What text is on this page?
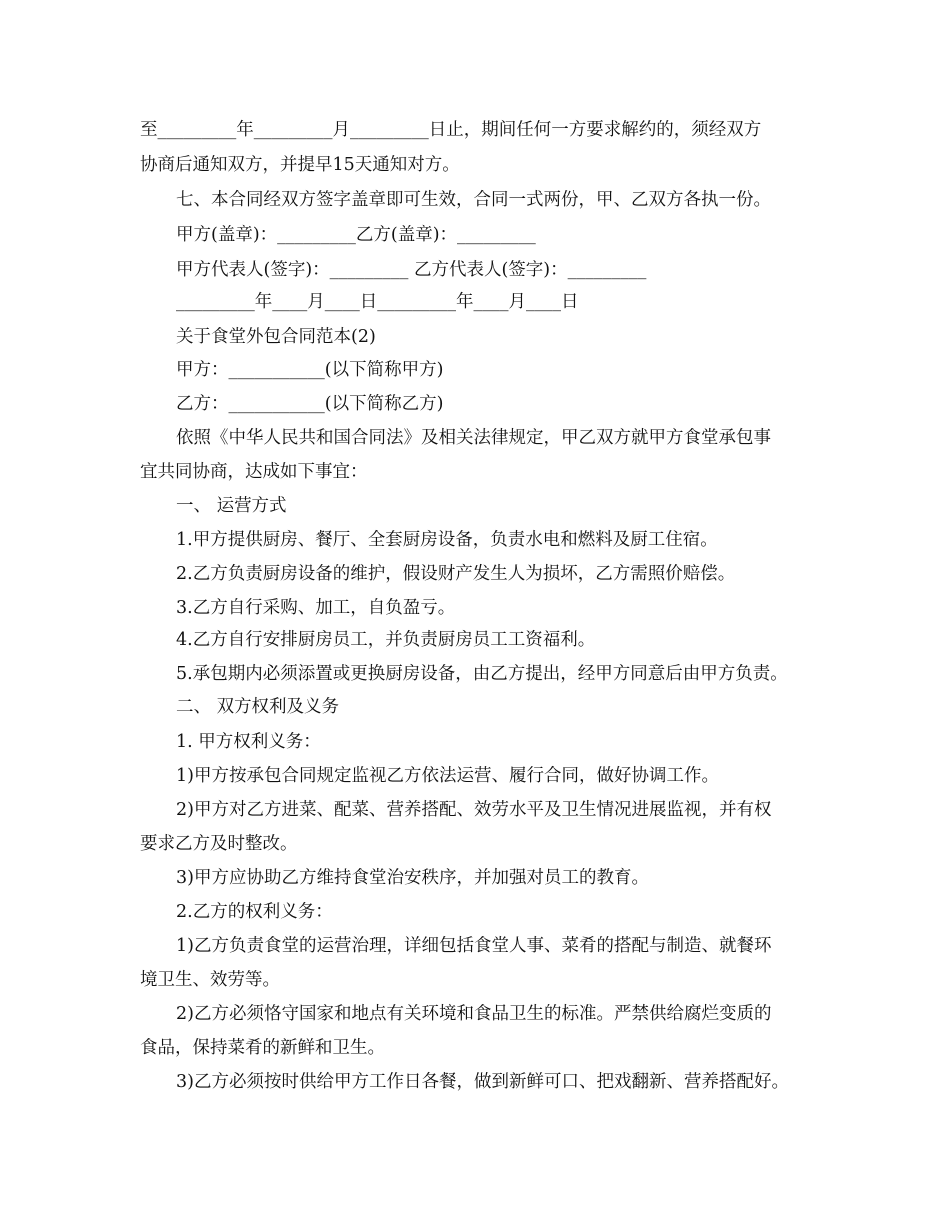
至_________年_________月_________日止，期间任何一方要求解约的，须经双方

协商后通知双方，并提早15天通知对方。

七、本合同经双方签字盖章即可生效，合同一式两份，甲、乙双方各执一份。

甲方(盖章)：_________乙方(盖章)：_________

甲方代表人(签字)：_________ 乙方代表人(签字)：_________

_________年____月____日_________年____月____日

关于食堂外包合同范本(2)

甲方：___________(以下简称甲方)

乙方：___________(以下简称乙方)

依照《中华人民共和国合同法》及相关法律规定，甲乙双方就甲方食堂承包事

宜共同协商，达成如下事宜：

一、 运营方式

1.甲方提供厨房、餐厅、全套厨房设备，负责水电和燃料及厨工住宿。

2.乙方负责厨房设备的维护，假设财产发生人为损坏，乙方需照价赔偿。

3.乙方自行采购、加工，自负盈亏。

4.乙方自行安排厨房员工，并负责厨房员工工资福利。

5.承包期内必须添置或更换厨房设备，由乙方提出，经甲方同意后由甲方负责。

二、 双方权利及义务

1. 甲方权利义务：

1)甲方按承包合同规定监视乙方依法运营、履行合同，做好协调工作。

2)甲方对乙方进菜、配菜、营养搭配、效劳水平及卫生情况进展监视，并有权

要求乙方及时整改。

3)甲方应协助乙方维持食堂治安秩序，并加强对员工的教育。

2.乙方的权利义务：

1)乙方负责食堂的运营治理，详细包括食堂人事、菜肴的搭配与制造、就餐环

境卫生、效劳等。

2)乙方必须恪守国家和地点有关环境和食品卫生的标准。严禁供给腐烂变质的

食品，保持菜肴的新鲜和卫生。

3)乙方必须按时供给甲方工作日各餐，做到新鲜可口、把戏翻新、营养搭配好。
